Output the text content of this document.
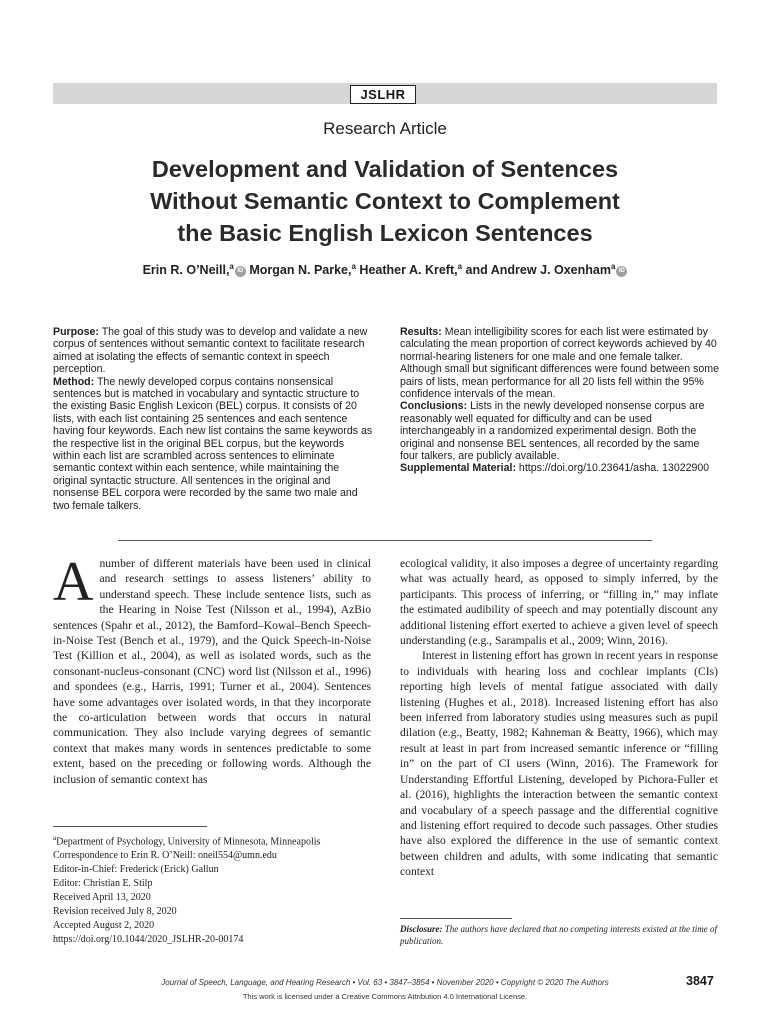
JSLHR
Research Article
Development and Validation of Sentences
Without Semantic Context to Complement
the Basic English Lexicon Sentences
Erin R. O’Neill,$^a$ID Morgan N. Parke,$^a$ Heather A. Kreft,$^a$ and Andrew J. Oxenham$^a$ID

Purpose: The goal of this study was to develop and validate a new corpus of sentences without semantic context to facilitate research aimed at isolating the effects of semantic context in speech perception.

Method: The newly developed corpus contains nonsensical sentences but is matched in vocabulary and syntactic structure to the existing Basic English Lexicon (BEL) corpus. It consists of 20 lists, with each list containing 25 sentences and each sentence having four keywords. Each new list contains the same keywords as the respective list in the original BEL corpus, but the keywords within each list are scrambled across sentences to eliminate semantic context within each sentence, while maintaining the original syntactic structure. All sentences in the original and nonsense BEL corpora were recorded by the same two male and two female talkers.

Results: Mean intelligibility scores for each list were estimated by calculating the mean proportion of correct keywords achieved by 40 normal-hearing listeners for one male and one female talker. Although small but significant differences were found between some pairs of lists, mean performance for all 20 lists fell within the 95% confidence intervals of the mean.

Conclusions: Lists in the newly developed nonsense corpus are reasonably well equated for difficulty and can be used interchangeably in a randomized experimental design. Both the original and nonsense BEL sentences, all recorded by the same four talkers, are publicly available.

Supplemental Material: https://doi.org/10.23641/asha. 13022900

Anumber of different materials have been used in clinical and research settings to assess listeners’ ability to understand speech. These include sentence lists, such as the Hearing in Noise Test (Nilsson et al., 1994), AzBio sentences (Spahr et al., 2012), the Bamford–Kowal–Bench Speech-in-Noise Test (Bench et al., 1979), and the Quick Speech-in-Noise Test (Killion et al., 2004), as well as isolated words, such as the consonant-nucleus-consonant (CNC) word list (Nilsson et al., 1996) and spondees (e.g., Harris, 1991; Turner et al., 2004). Sentences have some advantages over isolated words, in that they incorporate the co-articulation between words that occurs in natural communication. They also include varying degrees of semantic context that makes many words in sentences predictable to some extent, based on the preceding or following words. Although the inclusion of semantic context has

ecological validity, it also imposes a degree of uncertainty regarding what was actually heard, as opposed to simply inferred, by the participants. This process of inferring, or “filling in,” may inflate the estimated audibility of speech and may potentially discount any additional listening effort exerted to achieve a given level of speech understanding (e.g., Sarampalis et al., 2009; Winn, 2016).

Interest in listening effort has grown in recent years in response to individuals with hearing loss and cochlear implants (CIs) reporting high levels of mental fatigue associated with daily listening (Hughes et al., 2018). Increased listening effort has also been inferred from laboratory studies using measures such as pupil dilation (e.g., Beatty, 1982; Kahneman & Beatty, 1966), which may result at least in part from increased semantic inference or “filling in” on the part of CI users (Winn, 2016). The Framework for Understanding Effortful Listening, developed by Pichora-Fuller et al. (2016), highlights the interaction between the semantic context and vocabulary of a speech passage and the differential cognitive and listening effort required to decode such passages. Other studies have also explored the difference in the use of semantic context between children and adults, with some indicating that semantic context

$^a$Department of Psychology, University of Minnesota, Minneapolis
Correspondence to Erin R. O’Neill: oneil554@umn.edu
Editor-in-Chief: Frederick (Erick) Gallun
Editor: Christian E. Stilp
Received April 13, 2020
Revision received July 8, 2020
Accepted August 2, 2020
https://doi.org/10.1044/2020_JSLHR-20-00174
Disclosure: The authors have declared that no competing interests existed at the time of publication.
Journal of Speech, Language, and Hearing Research • Vol. 63 • 3847–3854 • November 2020 • Copyright © 2020 The Authors	3847
This work is licensed under a Creative Commons Attribution 4.0 International License.
